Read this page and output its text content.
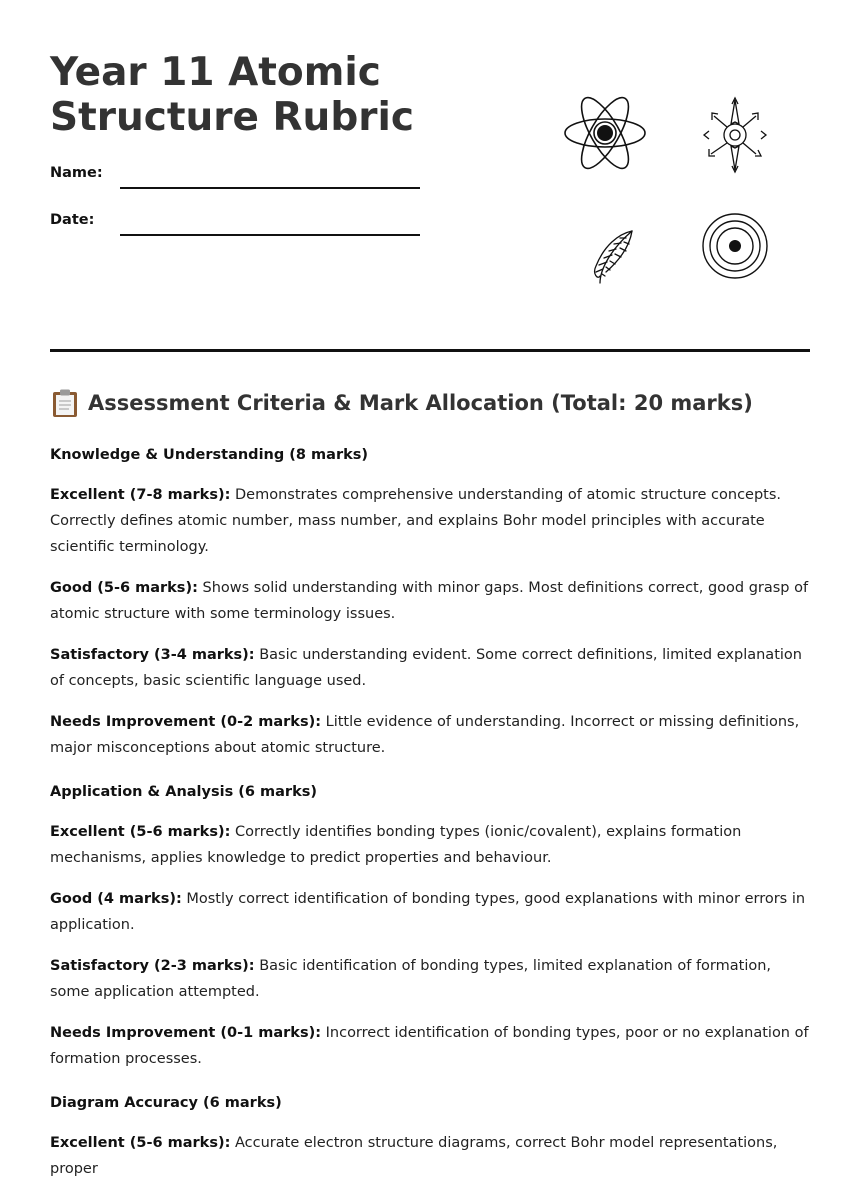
Year 11 Atomic
Structure Rubric
Name:
Date:
Assessment Criteria & Mark Allocation (Total: 20 marks)

Knowledge & Understanding (8 marks)

Excellent (7-8 marks): Demonstrates comprehensive understanding of atomic structure concepts. Correctly defines atomic number, mass number, and explains Bohr model principles with accurate scientific terminology.

Good (5-6 marks): Shows solid understanding with minor gaps. Most definitions correct, good grasp of atomic structure with some terminology issues.

Satisfactory (3-4 marks): Basic understanding evident. Some correct definitions, limited explanation of concepts, basic scientific language used.

Needs Improvement (0-2 marks): Little evidence of understanding. Incorrect or missing definitions, major misconceptions about atomic structure.

Application & Analysis (6 marks)

Excellent (5-6 marks): Correctly identifies bonding types (ionic/covalent), explains formation mechanisms, applies knowledge to predict properties and behaviour.

Good (4 marks): Mostly correct identification of bonding types, good explanations with minor errors in application.

Satisfactory (2-3 marks): Basic identification of bonding types, limited explanation of formation, some application attempted.

Needs Improvement (0-1 marks): Incorrect identification of bonding types, poor or no explanation of formation processes.

Diagram Accuracy (6 marks)

Excellent (5-6 marks): Accurate electron structure diagrams, correct Bohr model representations, proper
